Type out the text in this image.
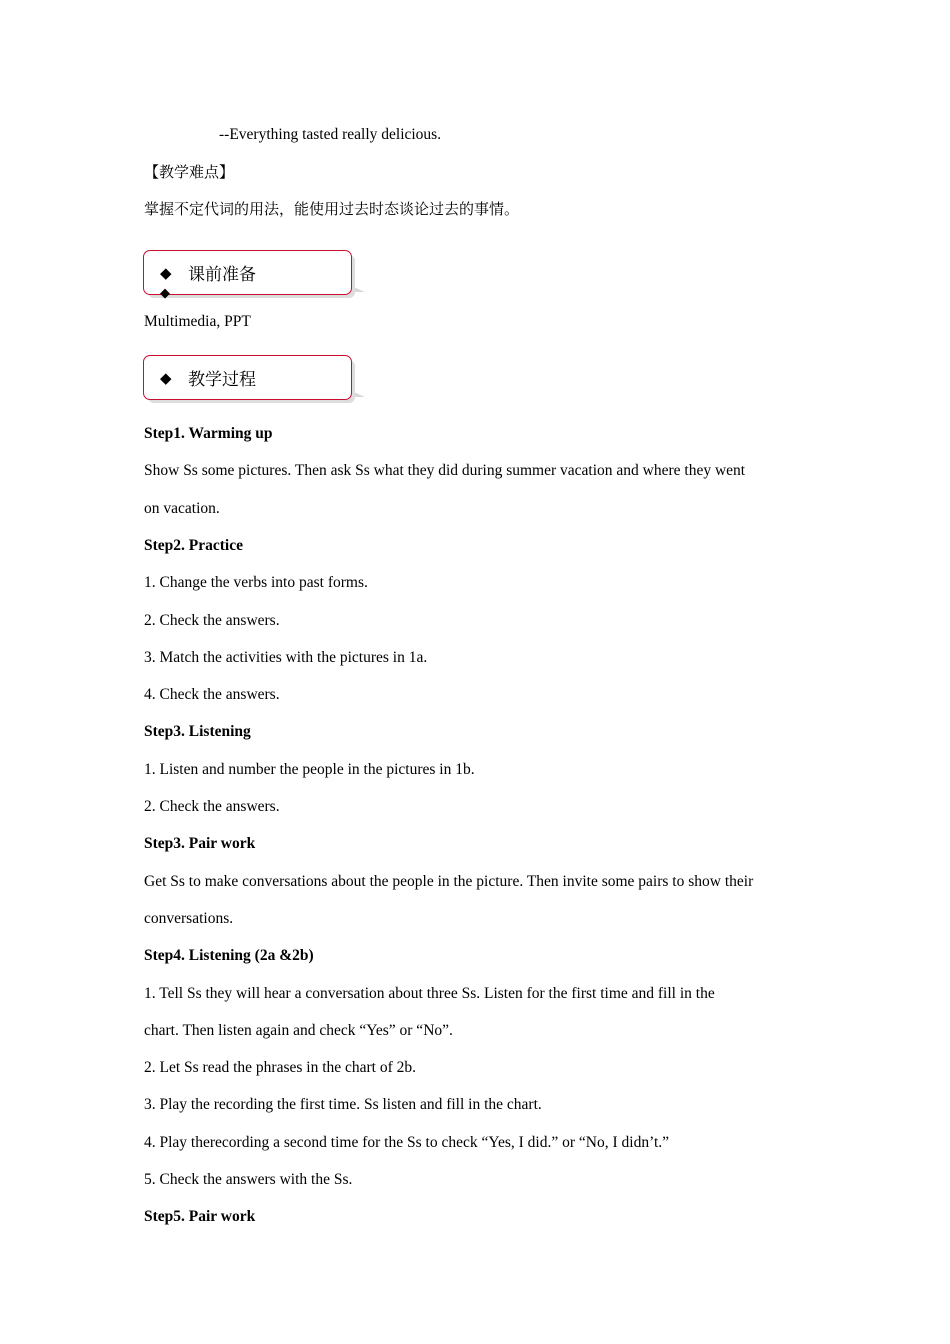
--Everything tasted really delicious.
【教学难点】
掌握不定代词的用法，能使用过去时态谈论过去的事情。
◆ 课前准备
◆
Multimedia, PPT
◆ 教学过程
Step1. Warming up
Show Ss some pictures. Then ask Ss what they did during summer vacation and where they went
on vacation.
Step2. Practice
1. Change the verbs into past forms.
2. Check the answers.
3. Match the activities with the pictures in 1a.
4. Check the answers.
Step3. Listening
1. Listen and number the people in the pictures in 1b.
2. Check the answers.
Step3. Pair work
Get Ss to make conversations about the people in the picture. Then invite some pairs to show their
conversations.
Step4. Listening (2a &2b)
1. Tell Ss they will hear a conversation about three Ss. Listen for the first time and fill in the
chart. Then listen again and check “Yes” or “No”.
2. Let Ss read the phrases in the chart of 2b.
3. Play the recording the first time. Ss listen and fill in the chart.
4. Play therecording a second time for the Ss to check “Yes, I did.” or “No, I didn’t.”
5. Check the answers with the Ss.
Step5. Pair work
